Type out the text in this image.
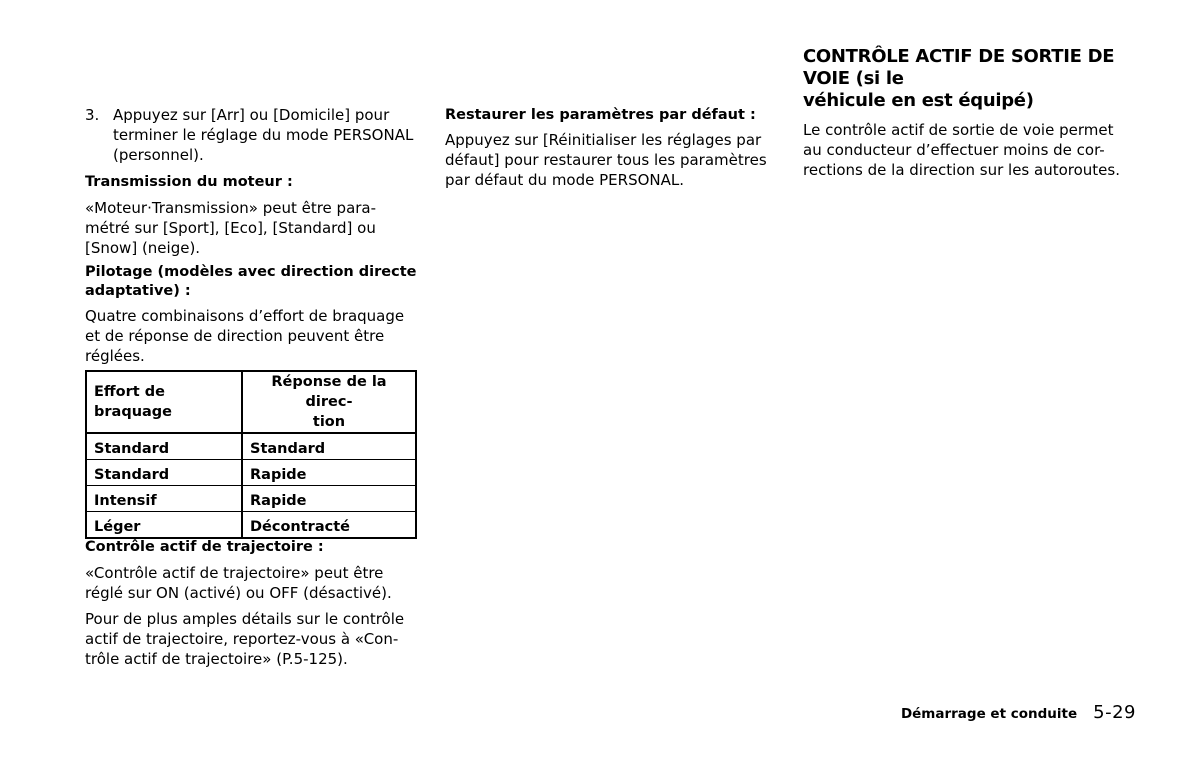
3. Appuyez sur [Arr] ou [Domicile] pour

terminer le réglage du mode PERSONAL

(personnel).

Transmission du moteur :

«Moteur·Transmission» peut être para-

métré sur [Sport], [Eco], [Standard] ou

[Snow] (neige).

Pilotage (modèles avec direction directe

adaptative) :

Quatre combinaisons d’effort de braquage

et de réponse de direction peuvent être

réglées.

Effort de braquage	Réponse de la direc-
tion
Standard	Standard
Standard	Rapide
Intensif	Rapide
Léger	Décontracté

Contrôle actif de trajectoire :

«Contrôle actif de trajectoire» peut être

réglé sur ON (activé) ou OFF (désactivé).

Pour de plus amples détails sur le contrôle

actif de trajectoire, reportez-vous à «Con-

trôle actif de trajectoire» (P.5-125).

Restaurer les paramètres par défaut :

Appuyez sur [Réinitialiser les réglages par

défaut] pour restaurer tous les paramètres

par défaut du mode PERSONAL.

CONTRÔLE ACTIF DE SORTIE DE VOIE (si le

véhicule en est équipé)

Le contrôle actif de sortie de voie permet

au conducteur d’effectuer moins de cor-

rections de la direction sur les autoroutes.

Démarrage et conduite 5-29
